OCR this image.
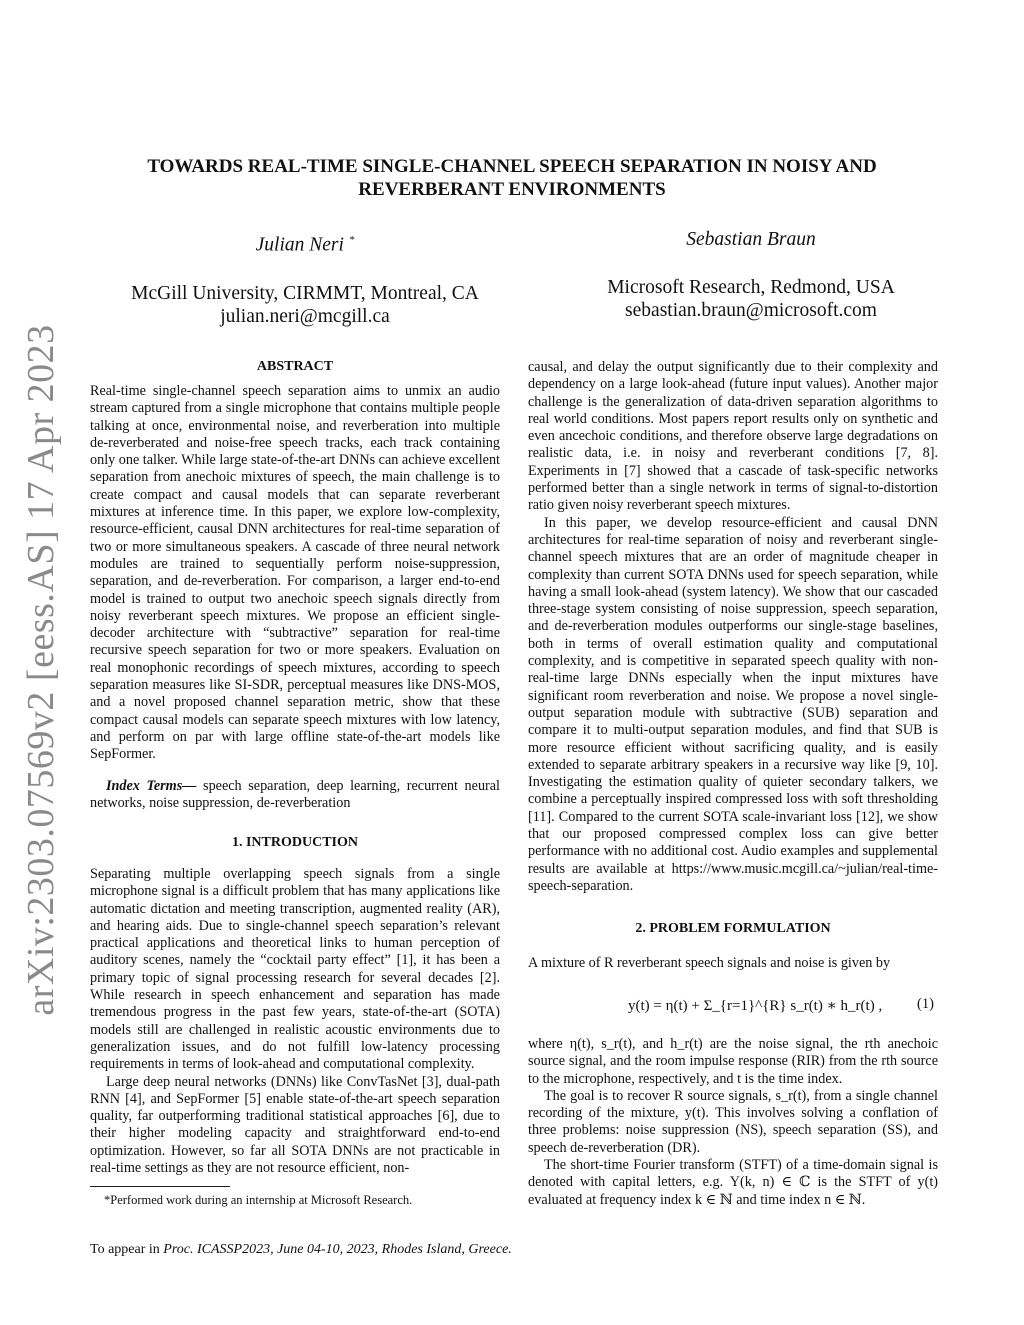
arXiv:2303.07569v2 [eess.AS] 17 Apr 2023
TOWARDS REAL-TIME SINGLE-CHANNEL SPEECH SEPARATION IN NOISY AND
REVERBERANT ENVIRONMENTS
Julian Neri *
McGill University, CIRMMT, Montreal, CA
julian.neri@mcgill.ca
Sebastian Braun
Microsoft Research, Redmond, USA
sebastian.braun@microsoft.com
ABSTRACT

Real-time single-channel speech separation aims to unmix an audio stream captured from a single microphone that contains multiple people talking at once, environmental noise, and reverberation into multiple de-reverberated and noise-free speech tracks, each track containing only one talker. While large state-of-the-art DNNs can achieve excellent separation from anechoic mixtures of speech, the main challenge is to create compact and causal models that can separate reverberant mixtures at inference time. In this paper, we explore low-complexity, resource-efficient, causal DNN architectures for real-time separation of two or more simultaneous speakers. A cascade of three neural network modules are trained to sequentially perform noise-suppression, separation, and de-reverberation. For comparison, a larger end-to-end model is trained to output two anechoic speech signals directly from noisy reverberant speech mixtures. We propose an efficient single-decoder architecture with “subtractive” separation for real-time recursive speech separation for two or more speakers. Evaluation on real monophonic recordings of speech mixtures, according to speech separation measures like SI-SDR, perceptual measures like DNS-MOS, and a novel proposed channel separation metric, show that these compact causal models can separate speech mixtures with low latency, and perform on par with large offline state-of-the-art models like SepFormer.

Index Terms— speech separation, deep learning, recurrent neural networks, noise suppression, de-reverberation

1. INTRODUCTION

Separating multiple overlapping speech signals from a single microphone signal is a difficult problem that has many applications like automatic dictation and meeting transcription, augmented reality (AR), and hearing aids. Due to single-channel speech separation’s relevant practical applications and theoretical links to human perception of auditory scenes, namely the “cocktail party effect” [1], it has been a primary topic of signal processing research for several decades [2]. While research in speech enhancement and separation has made tremendous progress in the past few years, state-of-the-art (SOTA) models still are challenged in realistic acoustic environments due to generalization issues, and do not fulfill low-latency processing requirements in terms of look-ahead and computational complexity.

Large deep neural networks (DNNs) like ConvTasNet [3], dual-path RNN [4], and SepFormer [5] enable state-of-the-art speech separation quality, far outperforming traditional statistical approaches [6], due to their higher modeling capacity and straightforward end-to-end optimization. However, so far all SOTA DNNs are not practicable in real-time settings as they are not resource efficient, non-

*Performed work during an internship at Microsoft Research.
To appear in Proc. ICASSP2023, June 04-10, 2023, Rhodes Island, Greece.

causal, and delay the output significantly due to their complexity and dependency on a large look-ahead (future input values). Another major challenge is the generalization of data-driven separation algorithms to real world conditions. Most papers report results only on synthetic and even ancechoic conditions, and therefore observe large degradations on realistic data, i.e. in noisy and reverberant conditions [7, 8]. Experiments in [7] showed that a cascade of task-specific networks performed better than a single network in terms of signal-to-distortion ratio given noisy reverberant speech mixtures.

In this paper, we develop resource-efficient and causal DNN architectures for real-time separation of noisy and reverberant single-channel speech mixtures that are an order of magnitude cheaper in complexity than current SOTA DNNs used for speech separation, while having a small look-ahead (system latency). We show that our cascaded three-stage system consisting of noise suppression, speech separation, and de-reverberation modules outperforms our single-stage baselines, both in terms of overall estimation quality and computational complexity, and is competitive in separated speech quality with non-real-time large DNNs especially when the input mixtures have significant room reverberation and noise. We propose a novel single-output separation module with subtractive (SUB) separation and compare it to multi-output separation modules, and find that SUB is more resource efficient without sacrificing quality, and is easily extended to separate arbitrary speakers in a recursive way like [9, 10]. Investigating the estimation quality of quieter secondary talkers, we combine a perceptually inspired compressed loss with soft thresholding [11]. Compared to the current SOTA scale-invariant loss [12], we show that our proposed compressed complex loss can give better performance with no additional cost. Audio examples and supplemental results are available at https://www.music.mcgill.ca/~julian/real-time-speech-separation.

2. PROBLEM FORMULATION

A mixture of R reverberant speech signals and noise is given by

y(t) = η(t) + Σ_{r=1}^{R} s_r(t) ∗ h_r(t) , (1)

where η(t), s_r(t), and h_r(t) are the noise signal, the rth anechoic source signal, and the room impulse response (RIR) from the rth source to the microphone, respectively, and t is the time index.

The goal is to recover R source signals, s_r(t), from a single channel recording of the mixture, y(t). This involves solving a conflation of three problems: noise suppression (NS), speech separation (SS), and speech de-reverberation (DR).

The short-time Fourier transform (STFT) of a time-domain signal is denoted with capital letters, e.g. Y(k, n) ∈ ℂ is the STFT of y(t) evaluated at frequency index k ∈ ℕ and time index n ∈ ℕ.
